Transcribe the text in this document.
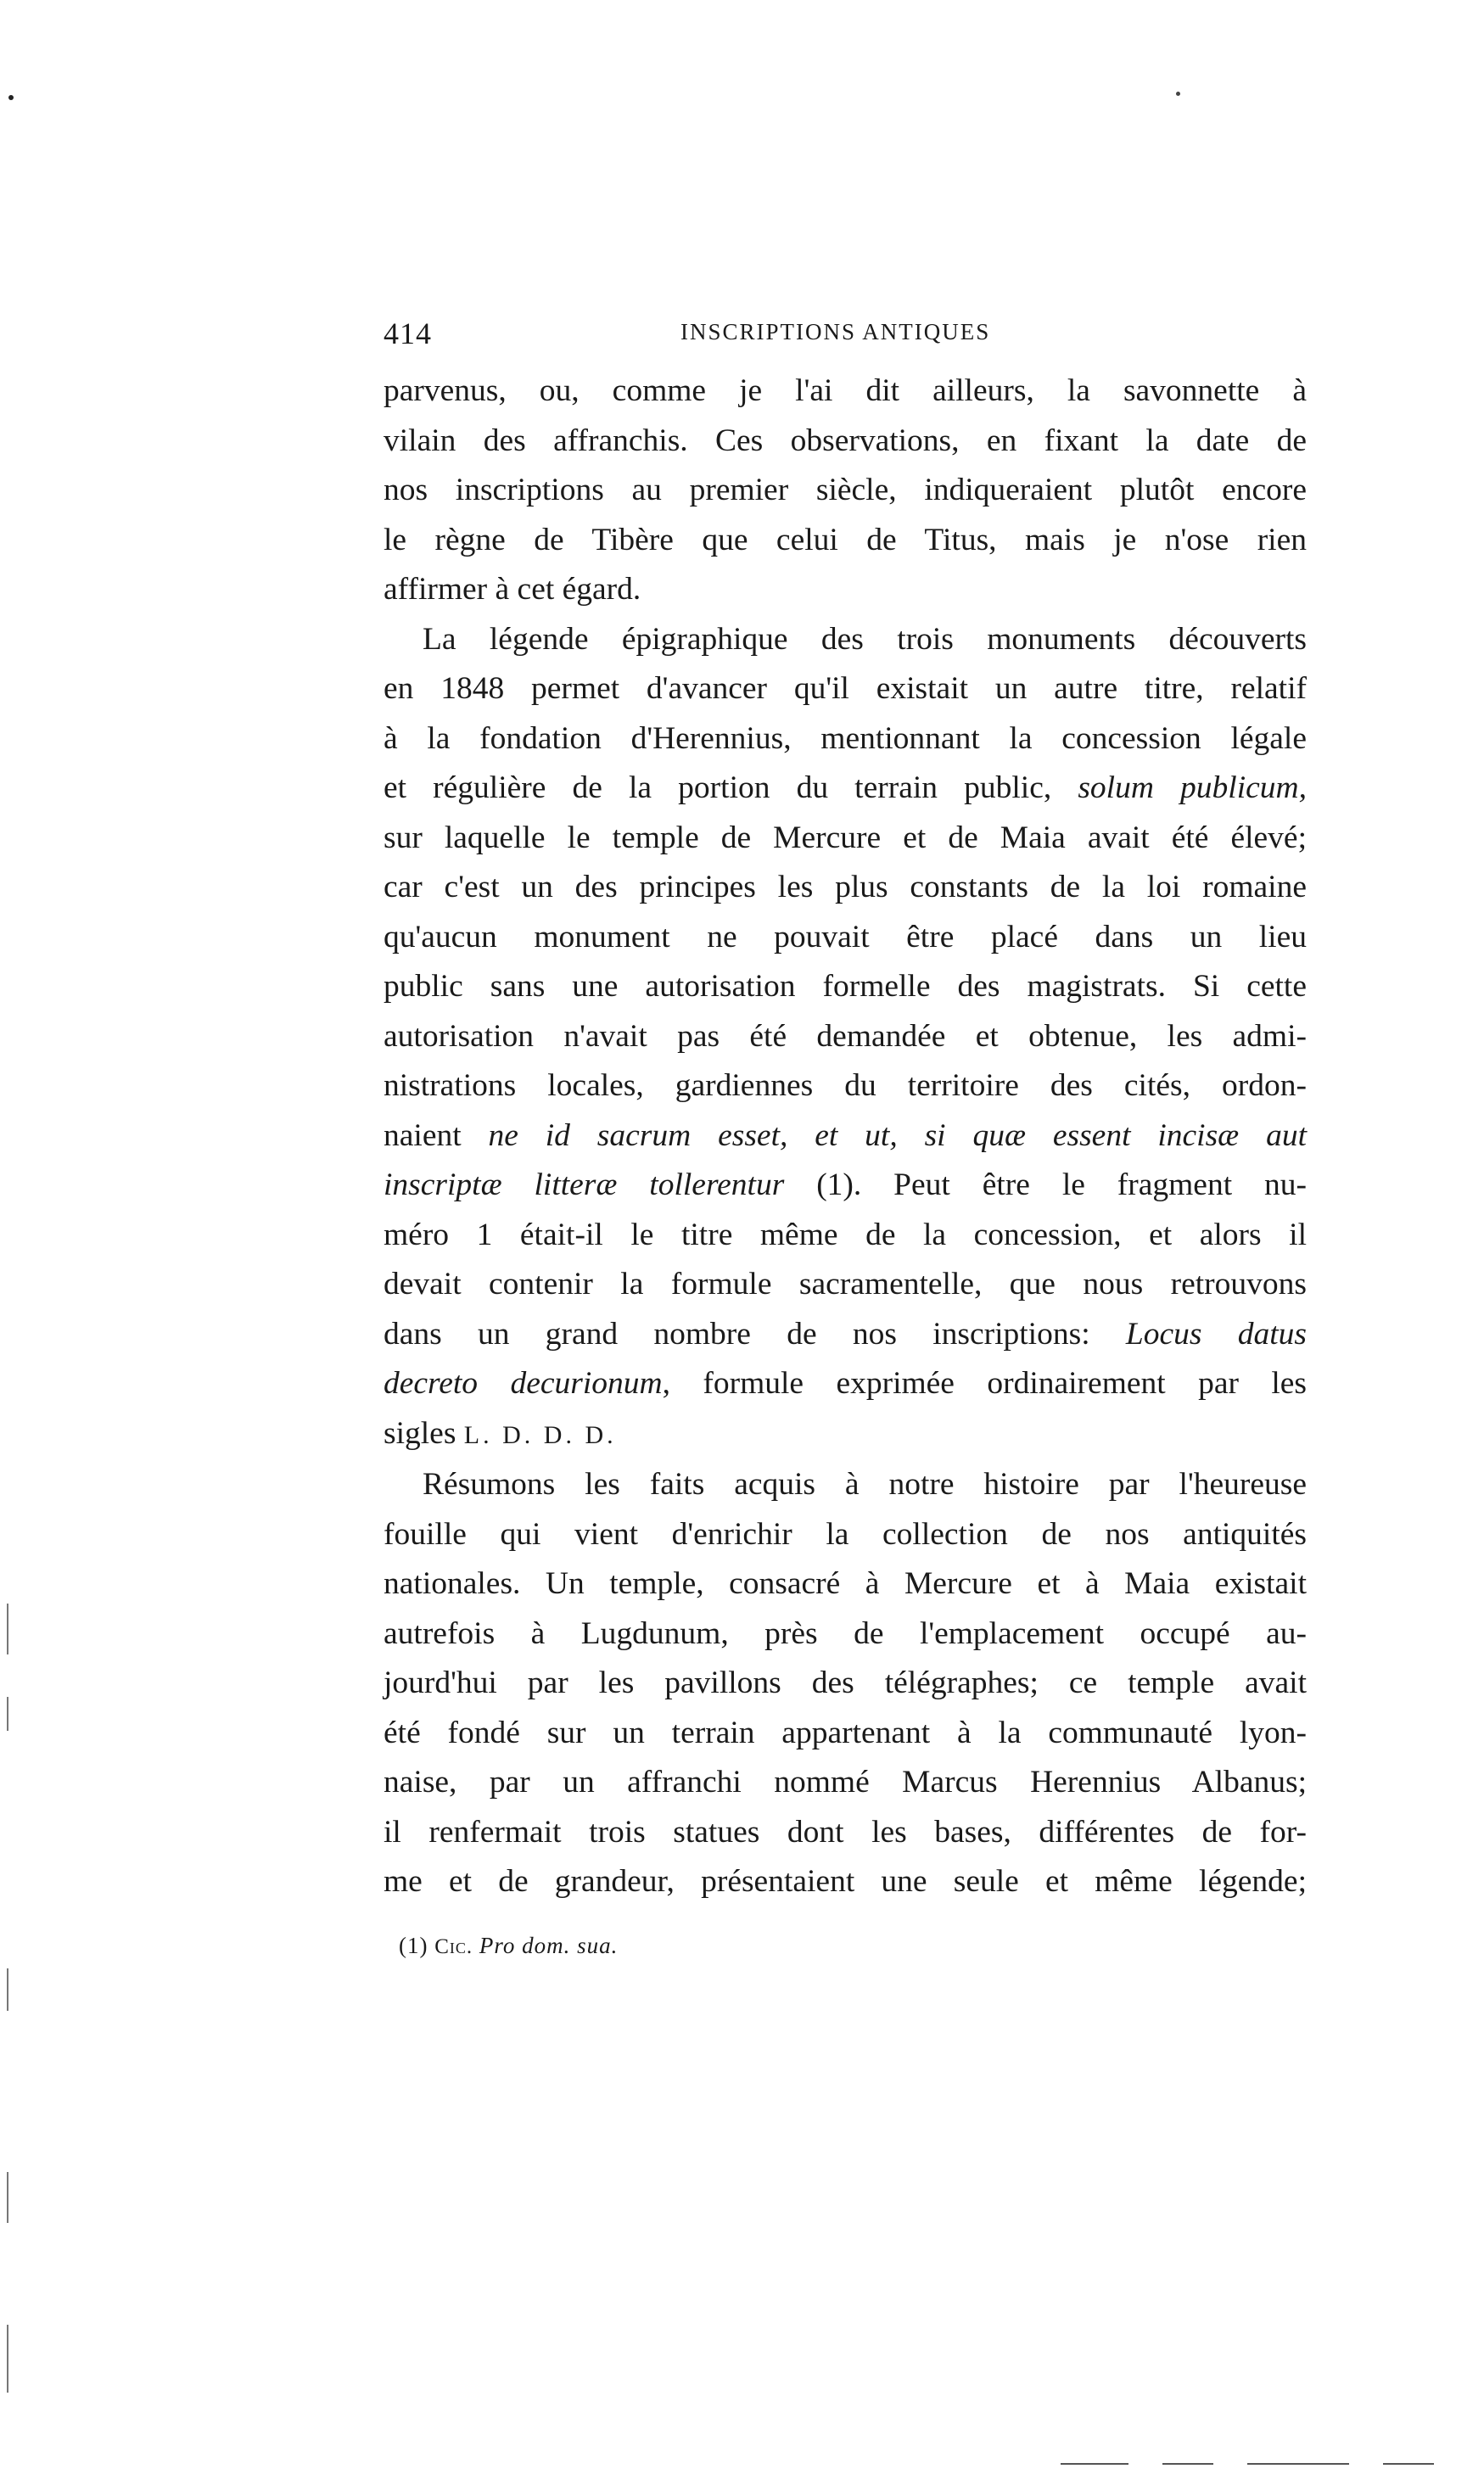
414	INSCRIPTIONS ANTIQUES

parvenus, ou, comme je l'ai dit ailleurs, la savonnette à
vilain des affranchis. Ces observations, en fixant la date de
nos inscriptions au premier siècle, indiqueraient plutôt encore
le règne de Tibère que celui de Titus, mais je n'ose rien
affirmer à cet égard.

La légende épigraphique des trois monuments découverts
en 1848 permet d'avancer qu'il existait un autre titre, relatif
à la fondation d'Herennius, mentionnant la concession légale
et régulière de la portion du terrain public, solum publicum,
sur laquelle le temple de Mercure et de Maia avait été élevé;
car c'est un des principes les plus constants de la loi romaine
qu'aucun monument ne pouvait être placé dans un lieu
public sans une autorisation formelle des magistrats. Si cette
autorisation n'avait pas été demandée et obtenue, les admi-
nistrations locales, gardiennes du territoire des cités, ordon-
naient ne id sacrum esset, et ut, si quæ essent incisæ aut
inscriptæ litteræ tollerentur (1). Peut être le fragment nu-
méro 1 était-il le titre même de la concession, et alors il
devait contenir la formule sacramentelle, que nous retrouvons
dans un grand nombre de nos inscriptions: Locus datus
decreto decurionum, formule exprimée ordinairement par les
sigles L. D. D. D.

Résumons les faits acquis à notre histoire par l'heureuse
fouille qui vient d'enrichir la collection de nos antiquités
nationales. Un temple, consacré à Mercure et à Maia existait
autrefois à Lugdunum, près de l'emplacement occupé au-
jourd'hui par les pavillons des télégraphes; ce temple avait
été fondé sur un terrain appartenant à la communauté lyon-
naise, par un affranchi nommé Marcus Herennius Albanus;
il renfermait trois statues dont les bases, différentes de for-
me et de grandeur, présentaient une seule et même légende;

(1) Cic. Pro dom. sua.
